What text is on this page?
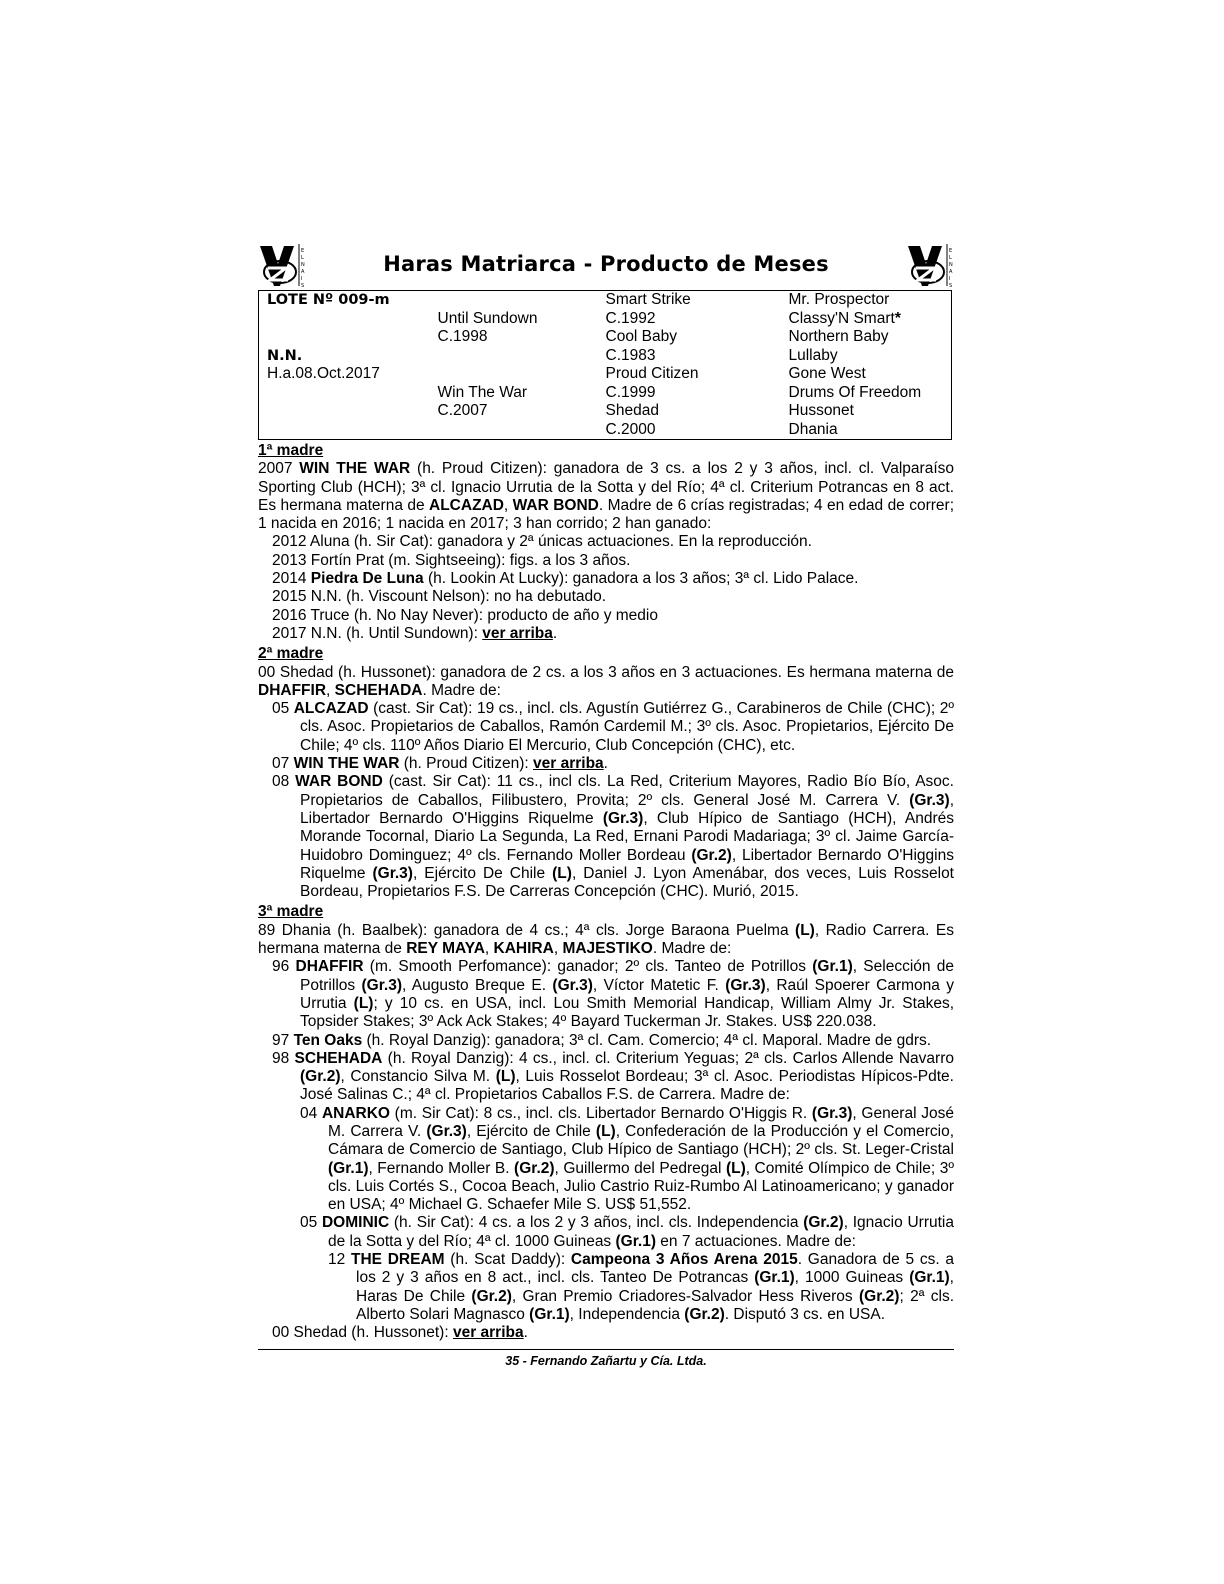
E
L
N
A
I
S
Haras Matriarca - Producto de Meses
E
L
N
A
I
S
LOTE Nº 009-m		Smart Strike	Mr. Prospector
	Until Sundown	C.1992	Classy'N Smart*
	C.1998	Cool Baby	Northern Baby
N.N.		C.1983	Lullaby
H.a.08.Oct.2017		Proud Citizen	Gone West
	Win The War	C.1999	Drums Of Freedom
	C.2007	Shedad	Hussonet
		C.2000	Dhania
1ª madre

2007 WIN THE WAR (h. Proud Citizen): ganadora de 3 cs. a los 2 y 3 años, incl. cl. Valparaíso Sporting Club (HCH); 3ª cl. Ignacio Urrutia de la Sotta y del Río; 4ª cl. Criterium Potrancas en 8 act. Es hermana materna de ALCAZAD, WAR BOND. Madre de 6 crías registradas; 4 en edad de correr; 1 nacida en 2016; 1 nacida en 2017; 3 han corrido; 2 han ganado:

2012 Aluna (h. Sir Cat): ganadora y 2ª únicas actuaciones. En la reproducción.

2013 Fortín Prat (m. Sightseeing): figs. a los 3 años.

2014 Piedra De Luna (h. Lookin At Lucky): ganadora a los 3 años; 3ª cl. Lido Palace.

2015 N.N. (h. Viscount Nelson): no ha debutado.

2016 Truce (h. No Nay Never): producto de año y medio

2017 N.N. (h. Until Sundown): ver arriba.

2ª madre

00 Shedad (h. Hussonet): ganadora de 2 cs. a los 3 años en 3 actuaciones. Es hermana materna de DHAFFIR, SCHEHADA. Madre de:

05 ALCAZAD (cast. Sir Cat): 19 cs., incl. cls. Agustín Gutiérrez G., Carabineros de Chile (CHC); 2º cls. Asoc. Propietarios de Caballos, Ramón Cardemil M.; 3º cls. Asoc. Propietarios, Ejército De Chile; 4º cls. 110º Años Diario El Mercurio, Club Concepción (CHC), etc.

07 WIN THE WAR (h. Proud Citizen): ver arriba.

08 WAR BOND (cast. Sir Cat): 11 cs., incl cls. La Red, Criterium Mayores, Radio Bío Bío, Asoc. Propietarios de Caballos, Filibustero, Provita; 2º cls. General José M. Carrera V. (Gr.3), Libertador Bernardo O'Higgins Riquelme (Gr.3), Club Hípico de Santiago (HCH), Andrés Morande Tocornal, Diario La Segunda, La Red, Ernani Parodi Madariaga; 3º cl. Jaime García-Huidobro Dominguez; 4º cls. Fernando Moller Bordeau (Gr.2), Libertador Bernardo O'Higgins Riquelme (Gr.3), Ejército De Chile (L), Daniel J. Lyon Amenábar, dos veces, Luis Rosselot Bordeau, Propietarios F.S. De Carreras Concepción (CHC). Murió, 2015.

3ª madre

89 Dhania (h. Baalbek): ganadora de 4 cs.; 4ª cls. Jorge Baraona Puelma (L), Radio Carrera. Es hermana materna de REY MAYA, KAHIRA, MAJESTIKO. Madre de:

96 DHAFFIR (m. Smooth Perfomance): ganador; 2º cls. Tanteo de Potrillos (Gr.1), Selección de Potrillos (Gr.3), Augusto Breque E. (Gr.3), Víctor Matetic F. (Gr.3), Raúl Spoerer Carmona y Urrutia (L); y 10 cs. en USA, incl. Lou Smith Memorial Handicap, William Almy Jr. Stakes, Topsider Stakes; 3º Ack Ack Stakes; 4º Bayard Tuckerman Jr. Stakes. US$ 220.038.

97 Ten Oaks (h. Royal Danzig): ganadora; 3ª cl. Cam. Comercio; 4ª cl. Maporal. Madre de gdrs.

98 SCHEHADA (h. Royal Danzig): 4 cs., incl. cl. Criterium Yeguas; 2ª cls. Carlos Allende Navarro (Gr.2), Constancio Silva M. (L), Luis Rosselot Bordeau; 3ª cl. Asoc. Periodistas Hípicos-Pdte. José Salinas C.; 4ª cl. Propietarios Caballos F.S. de Carrera. Madre de:

04 ANARKO (m. Sir Cat): 8 cs., incl. cls. Libertador Bernardo O'Higgis R. (Gr.3), General José M. Carrera V. (Gr.3), Ejército de Chile (L), Confederación de la Producción y el Comercio, Cámara de Comercio de Santiago, Club Hípico de Santiago (HCH); 2º cls. St. Leger-Cristal (Gr.1), Fernando Moller B. (Gr.2), Guillermo del Pedregal (L), Comité Olímpico de Chile; 3º cls. Luis Cortés S., Cocoa Beach, Julio Castrio Ruiz-Rumbo Al Latinoamericano; y ganador en USA; 4º Michael G. Schaefer Mile S. US$ 51,552.

05 DOMINIC (h. Sir Cat): 4 cs. a los 2 y 3 años, incl. cls. Independencia (Gr.2), Ignacio Urrutia de la Sotta y del Río; 4ª cl. 1000 Guineas (Gr.1) en 7 actuaciones. Madre de:

12 THE DREAM (h. Scat Daddy): Campeona 3 Años Arena 2015. Ganadora de 5 cs. a los 2 y 3 años en 8 act., incl. cls. Tanteo De Potrancas (Gr.1), 1000 Guineas (Gr.1), Haras De Chile (Gr.2), Gran Premio Criadores-Salvador Hess Riveros (Gr.2); 2ª cls. Alberto Solari Magnasco (Gr.1), Independencia (Gr.2). Disputó 3 cs. en USA.

00 Shedad (h. Hussonet): ver arriba.

35 - Fernando Zañartu y Cía. Ltda.
